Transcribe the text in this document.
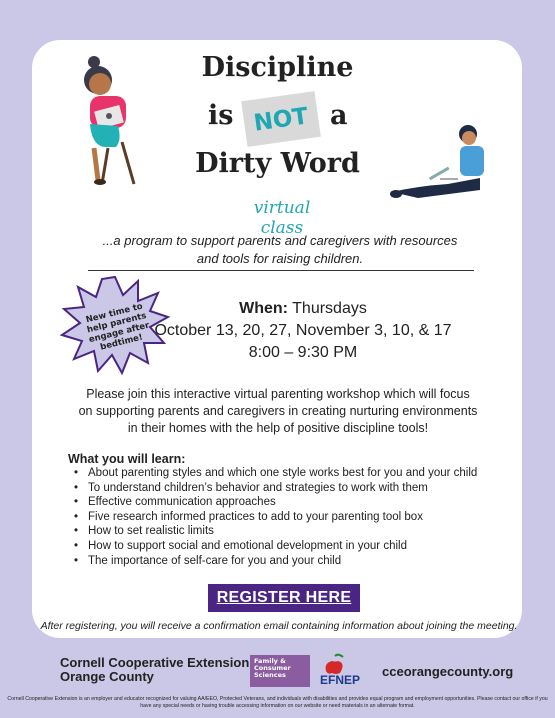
Discipline
is NOT a
Dirty Word
virtual class
...a program to support parents and caregivers with resources and tools for raising children.
New time to help parents engage after bedtime!
When: Thursdays
October 13, 20, 27, November 3, 10, & 17
8:00 – 9:30 PM
Please join this interactive virtual parenting workshop which will focus on supporting parents and caregivers in creating nurturing environments in their homes with the help of positive discipline tools!
What you will learn:
• About parenting styles and which one style works best for you and your child
• To understand children’s behavior and strategies to work with them
• Effective communication approaches
• Five research informed practices to add to your parenting tool box
• How to set realistic limits
• How to support social and emotional development in your child
• The importance of self-care for you and your child
REGISTER HERE
After registering, you will receive a confirmation email containing information about joining the meeting.
Cornell Cooperative Extension
Orange County
Family & Consumer Sciences	EFNEP
cceorangecounty.org
Cornell Cooperative Extension is an employer and educator recognized for valuing AA/EEO, Protected Veterans, and individuals with disabilities and provides equal program and employment opportunities. Please contact our office if you have any special needs or having trouble accessing information on our website or need materials in an alternate format.
